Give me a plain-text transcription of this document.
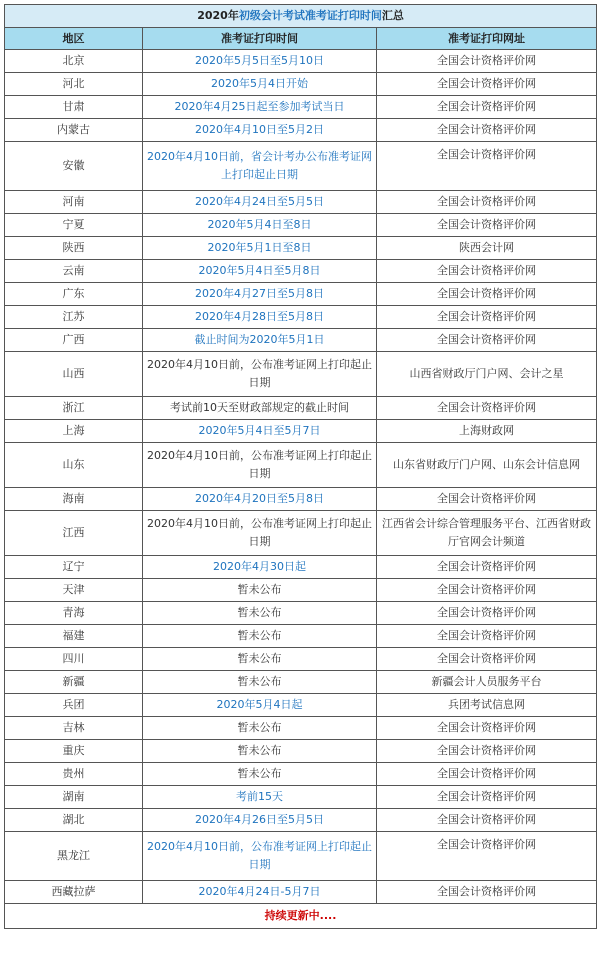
2020年初级会计考试准考证打印时间汇总		
地区	准考证打印时间	准考证打印网址
北京	2020年5月5日至5月10日	全国会计资格评价网
河北	2020年5月4日开始	全国会计资格评价网
甘肃	2020年4月25日起至参加考试当日	全国会计资格评价网
内蒙古	2020年4月10日至5月2日	全国会计资格评价网
安徽	2020年4月10日前，省会计考办公布准考证网上打印起止日期	全国会计资格评价网
河南	2020年4月24日至5月5日	全国会计资格评价网
宁夏	2020年5月4日至8日	全国会计资格评价网
陕西	2020年5月1日至8日	陕西会计网
云南	2020年5月4日至5月8日	全国会计资格评价网
广东	2020年4月27日至5月8日	全国会计资格评价网
江苏	2020年4月28日至5月8日	全国会计资格评价网
广西	截止时间为2020年5月1日	全国会计资格评价网
山西	2020年4月10日前，公布准考证网上打印起止日期	山西省财政厅门户网、会计之星
浙江	考试前10天至财政部规定的截止时间	全国会计资格评价网
上海	2020年5月4日至5月7日	上海财政网
山东	2020年4月10日前，公布准考证网上打印起止日期	山东省财政厅门户网、山东会计信息网
海南	2020年4月20日至5月8日	全国会计资格评价网
江西	2020年4月10日前，公布准考证网上打印起止日期	江西省会计综合管理服务平台、江西省财政厅官网会计频道
辽宁	2020年4月30日起	全国会计资格评价网
天津	暂未公布	全国会计资格评价网
青海	暂未公布	全国会计资格评价网
福建	暂未公布	全国会计资格评价网
四川	暂未公布	全国会计资格评价网
新疆	暂未公布	新疆会计人员服务平台
兵团	2020年5月4日起	兵团考试信息网
吉林	暂未公布	全国会计资格评价网
重庆	暂未公布	全国会计资格评价网
贵州	暂未公布	全国会计资格评价网
湖南	考前15天	全国会计资格评价网
湖北	2020年4月26日至5月5日	全国会计资格评价网
黑龙江	2020年4月10日前，公布准考证网上打印起止日期	全国会计资格评价网
西藏拉萨	2020年4月24日-5月7日	全国会计资格评价网
持续更新中....		
